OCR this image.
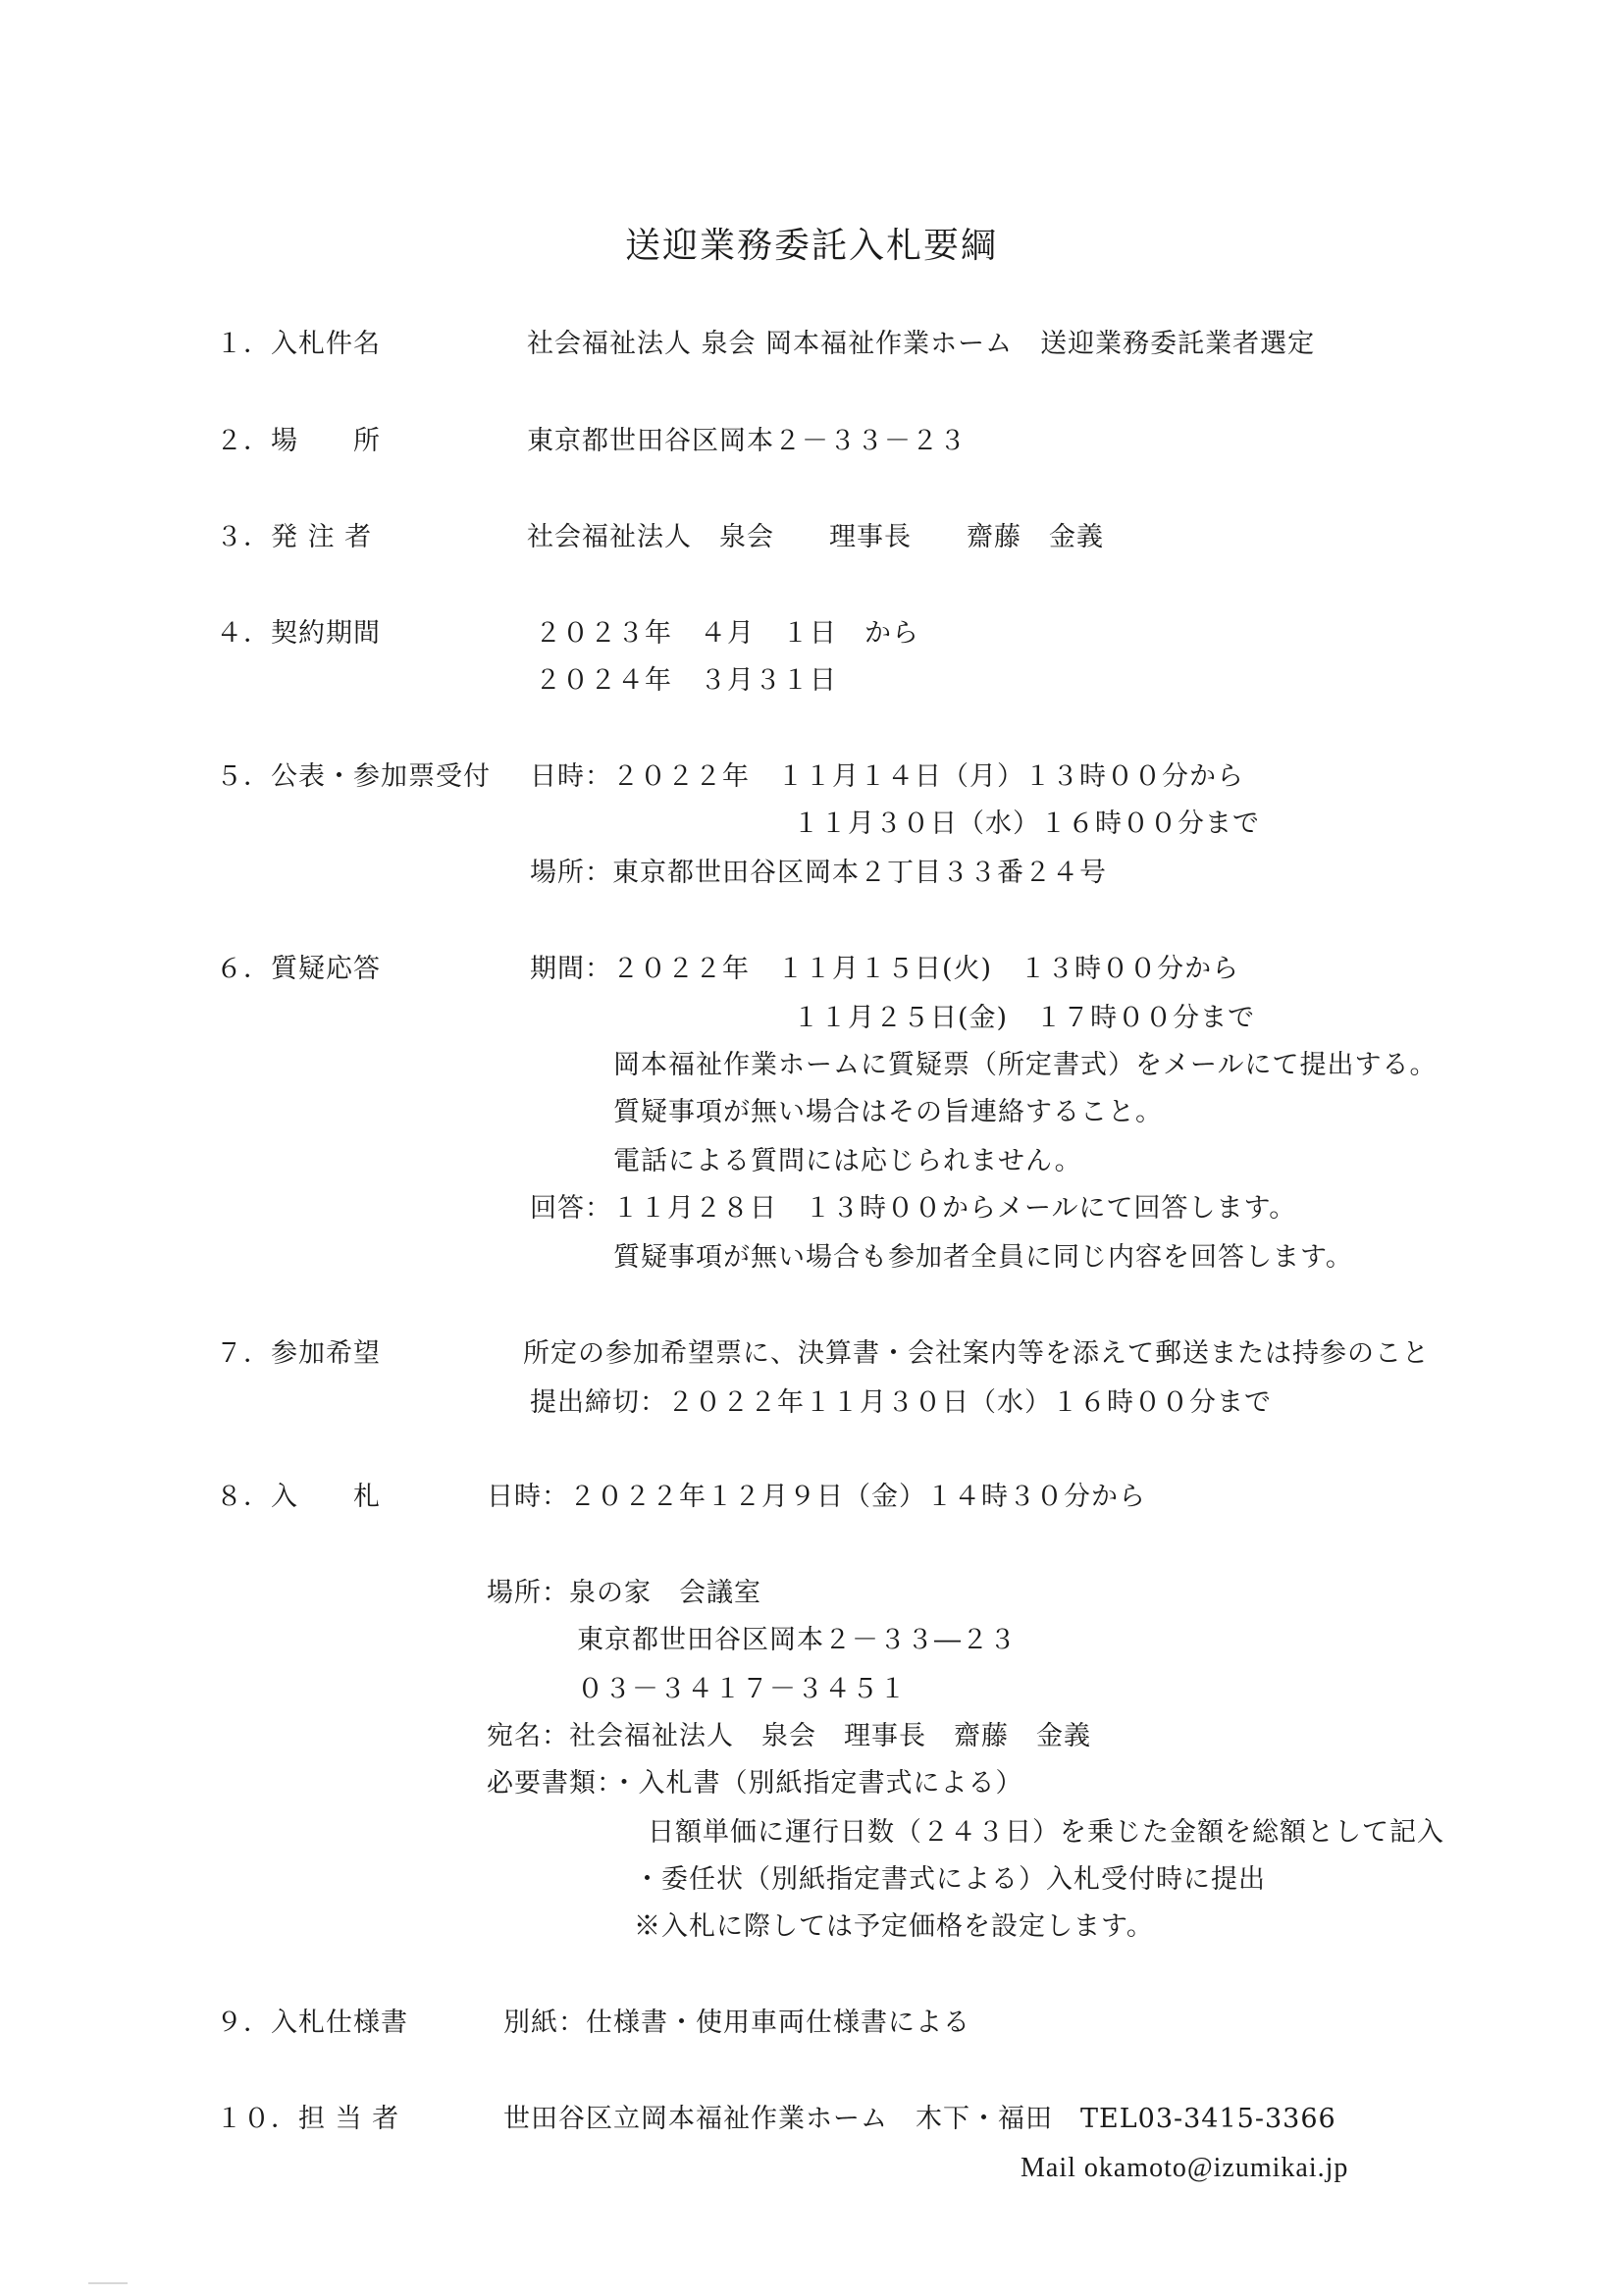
送迎業務委託入札要綱
１．入札件名	社会福祉法人 泉会 岡本福祉作業ホーム　送迎業務委託業者選定
２．場　　所	東京都世田谷区岡本２－３３－２３
３．発 注 者	社会福祉法人　泉会　　理事長　　齋藤　金義
４．契約期間	２０２３年　４月　１日　から
２０２４年　３月３１日
５．公表・参加票受付 日時：２０２２年　１１月１４日（月）１３時００分から
１１月３０日（水）１６時００分まで
場所：東京都世田谷区岡本２丁目３３番２４号
６．質疑応答	期間：２０２２年　１１月１５日(火)　１３時００分から
１１月２５日(金)　１７時００分まで
岡本福祉作業ホームに質疑票（所定書式）をメールにて提出する。
質疑事項が無い場合はその旨連絡すること。
電話による質問には応じられません。
回答：１１月２８日　１３時００からメールにて回答します。
質疑事項が無い場合も参加者全員に同じ内容を回答します。
７．参加希望	所定の参加希望票に、決算書・会社案内等を添えて郵送または持参のこと
提出締切：２０２２年１１月３０日（水）１６時００分まで
８．入　　札	日時：２０２２年１２月９日（金）１４時３０分から
場所：泉の家　会議室
東京都世田谷区岡本２－３３―２３
０３－３４１７－３４５１
宛名：社会福祉法人　泉会　理事長　齋藤　金義
必要書類：・入札書（別紙指定書式による）
日額単価に運行日数（２４３日）を乗じた金額を総額として記入
・委任状（別紙指定書式による）入札受付時に提出
※入札に際しては予定価格を設定します。
９．入札仕様書	別紙：仕様書・使用車両仕様書による
１０．担 当 者	世田谷区立岡本福祉作業ホーム　木下・福田　TEL03-3415-3366
Mail okamoto@izumikai.jp
